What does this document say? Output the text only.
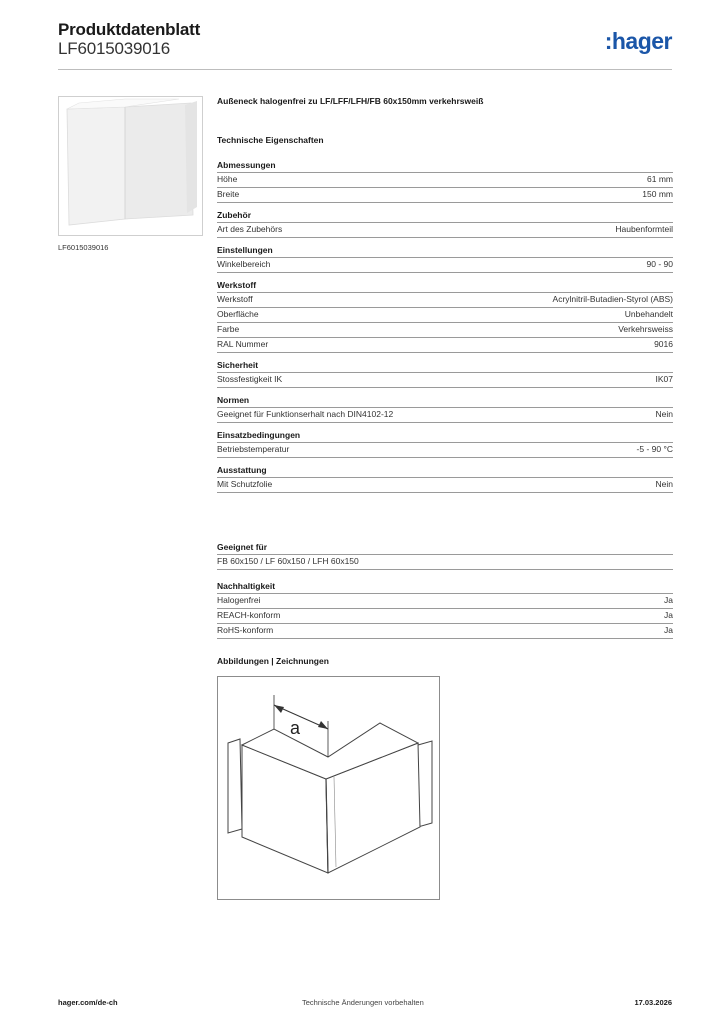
Produktdatenblatt
LF6015039016	:hager
LF6015039016
Außeneck halogenfrei zu LF/LFF/LFH/FB 60x150mm verkehrsweiß
Technische Eigenschaften
Abmessungen
Höhe	61 mm
Breite	150 mm
Zubehör
Art des Zubehörs	Haubenformteil
Einstellungen
Winkelbereich	90 - 90
Werkstoff
Werkstoff	Acrylnitril-Butadien-Styrol (ABS)
Oberfläche	Unbehandelt
Farbe	Verkehrsweiss
RAL Nummer	9016
Sicherheit
Stossfestigkeit IK	IK07
Normen
Geeignet für Funktionserhalt nach DIN4102-12	Nein
Einsatzbedingungen
Betriebstemperatur	-5 - 90 °C
Ausstattung
Mit Schutzfolie	Nein
Geeignet für
FB 60x150 / LF 60x150 / LFH 60x150
Nachhaltigkeit
Halogenfrei	Ja
REACH-konform	Ja
RoHS-konform	Ja
Abbildungen | Zeichnungen
a
hager.com/de-ch	Technische Änderungen vorbehalten	17.03.2026
